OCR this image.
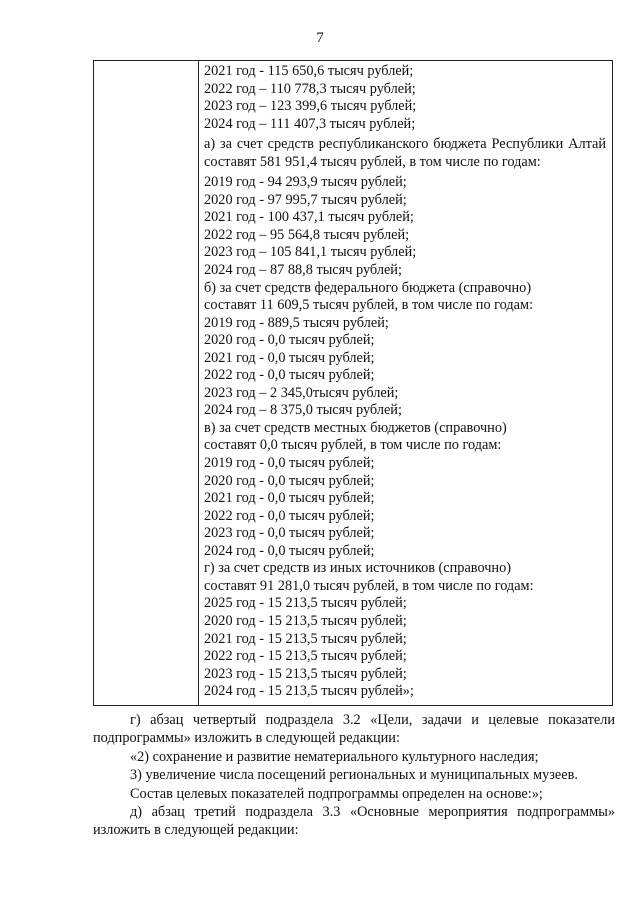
7
2021 год - 115 650,6 тысяч рублей;
2022 год – 110 778,3 тысяч рублей;
2023 год – 123 399,6 тысяч рублей;
2024 год – 111 407,3 тысяч рублей;
а) за счет средств республиканского бюджета Республики Алтай составят 581 951,4 тысяч рублей, в том числе по годам:
2019 год - 94 293,9 тысяч рублей;
2020 год - 97 995,7 тысяч рублей;
2021 год - 100 437,1 тысяч рублей;
2022 год – 95 564,8 тысяч рублей;
2023 год – 105 841,1 тысяч рублей;
2024 год – 87 88,8 тысяч рублей;
б) за счет средств федерального бюджета (справочно)
составят 11 609,5 тысяч рублей, в том числе по годам:
2019 год - 889,5 тысяч рублей;
2020 год - 0,0 тысяч рублей;
2021 год - 0,0 тысяч рублей;
2022 год - 0,0 тысяч рублей;
2023 год – 2 345,0тысяч рублей;
2024 год – 8 375,0 тысяч рублей;
в) за счет средств местных бюджетов (справочно)
составят 0,0 тысяч рублей, в том числе по годам:
2019 год - 0,0 тысяч рублей;
2020 год - 0,0 тысяч рублей;
2021 год - 0,0 тысяч рублей;
2022 год - 0,0 тысяч рублей;
2023 год - 0,0 тысяч рублей;
2024 год - 0,0 тысяч рублей;
г) за счет средств из иных источников (справочно)
составят 91 281,0 тысяч рублей, в том числе по годам:
2025 год - 15 213,5 тысяч рублей;
2020 год - 15 213,5 тысяч рублей;
2021 год - 15 213,5 тысяч рублей;
2022 год - 15 213,5 тысяч рублей;
2023 год - 15 213,5 тысяч рублей;
2024 год - 15 213,5 тысяч рублей»;
г) абзац четвертый подраздела 3.2 «Цели, задачи и целевые показатели подпрограммы» изложить в следующей редакции:
«2) сохранение и развитие нематериального культурного наследия;
3) увеличение числа посещений региональных и муниципальных музеев.
Состав целевых показателей подпрограммы определен на основе:»;
д) абзац третий подраздела 3.3 «Основные мероприятия подпрограммы» изложить в следующей редакции:
